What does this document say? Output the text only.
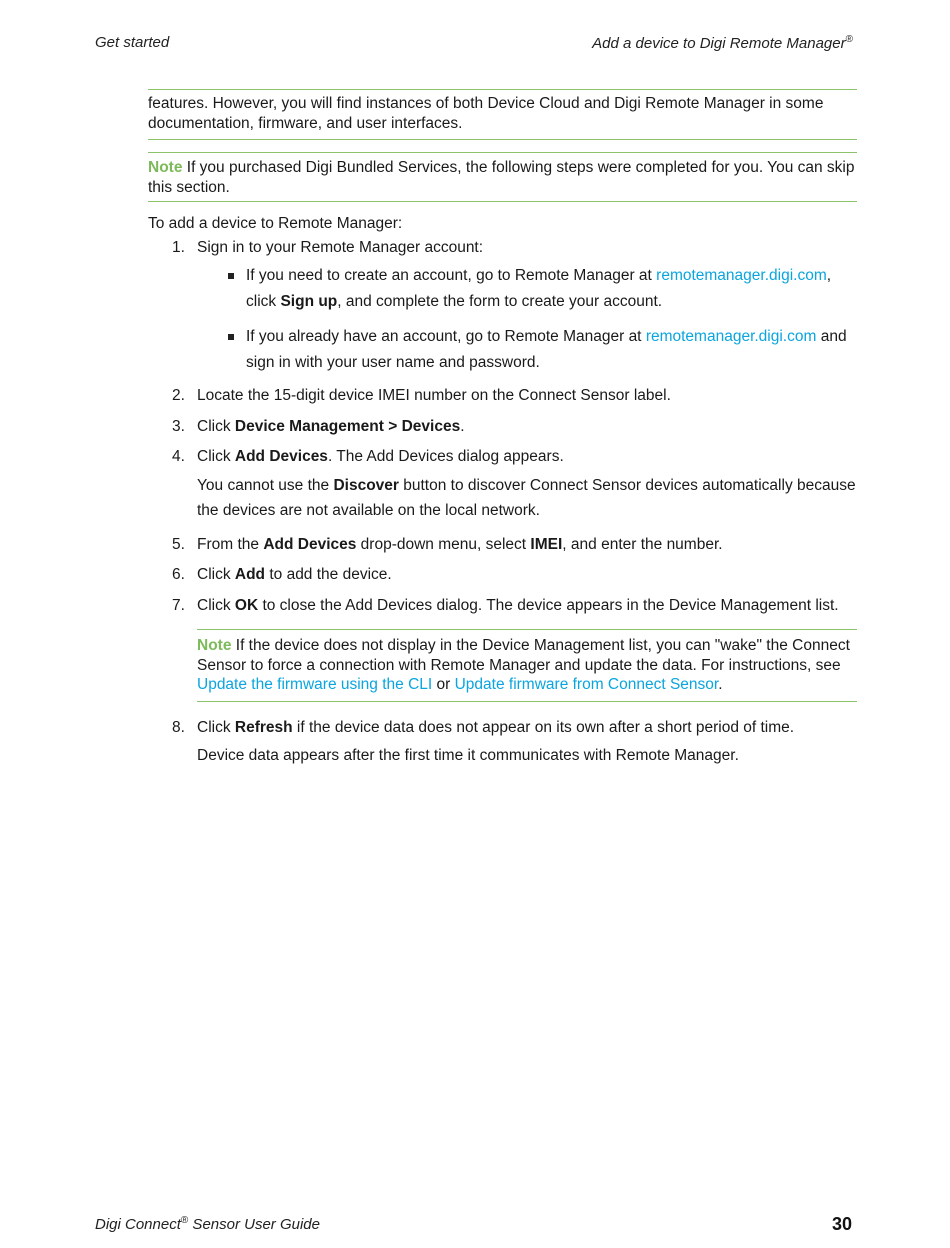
Get started	Add a device to Digi Remote Manager®
features. However, you will find instances of both Device Cloud and Digi Remote Manager in some documentation, firmware, and user interfaces.
Note If you purchased Digi Bundled Services, the following steps were completed for you. You can skip this section.
To add a device to Remote Manager:
1. Sign in to your Remote Manager account:
If you need to create an account, go to Remote Manager at remotemanager.digi.com, click Sign up, and complete the form to create your account.
If you already have an account, go to Remote Manager at remotemanager.digi.com and sign in with your user name and password.
2. Locate the 15-digit device IMEI number on the Connect Sensor label.
3. Click Device Management > Devices.
4. Click Add Devices. The Add Devices dialog appears.
You cannot use the Discover button to discover Connect Sensor devices automatically because the devices are not available on the local network.
5. From the Add Devices drop-down menu, select IMEI, and enter the number.
6. Click Add to add the device.
7. Click OK to close the Add Devices dialog. The device appears in the Device Management list.
Note If the device does not display in the Device Management list, you can "wake" the Connect Sensor to force a connection with Remote Manager and update the data. For instructions, see Update the firmware using the CLI or Update firmware from Connect Sensor.
8. Click Refresh if the device data does not appear on its own after a short period of time.
Device data appears after the first time it communicates with Remote Manager.
Digi Connect® Sensor User Guide	30
